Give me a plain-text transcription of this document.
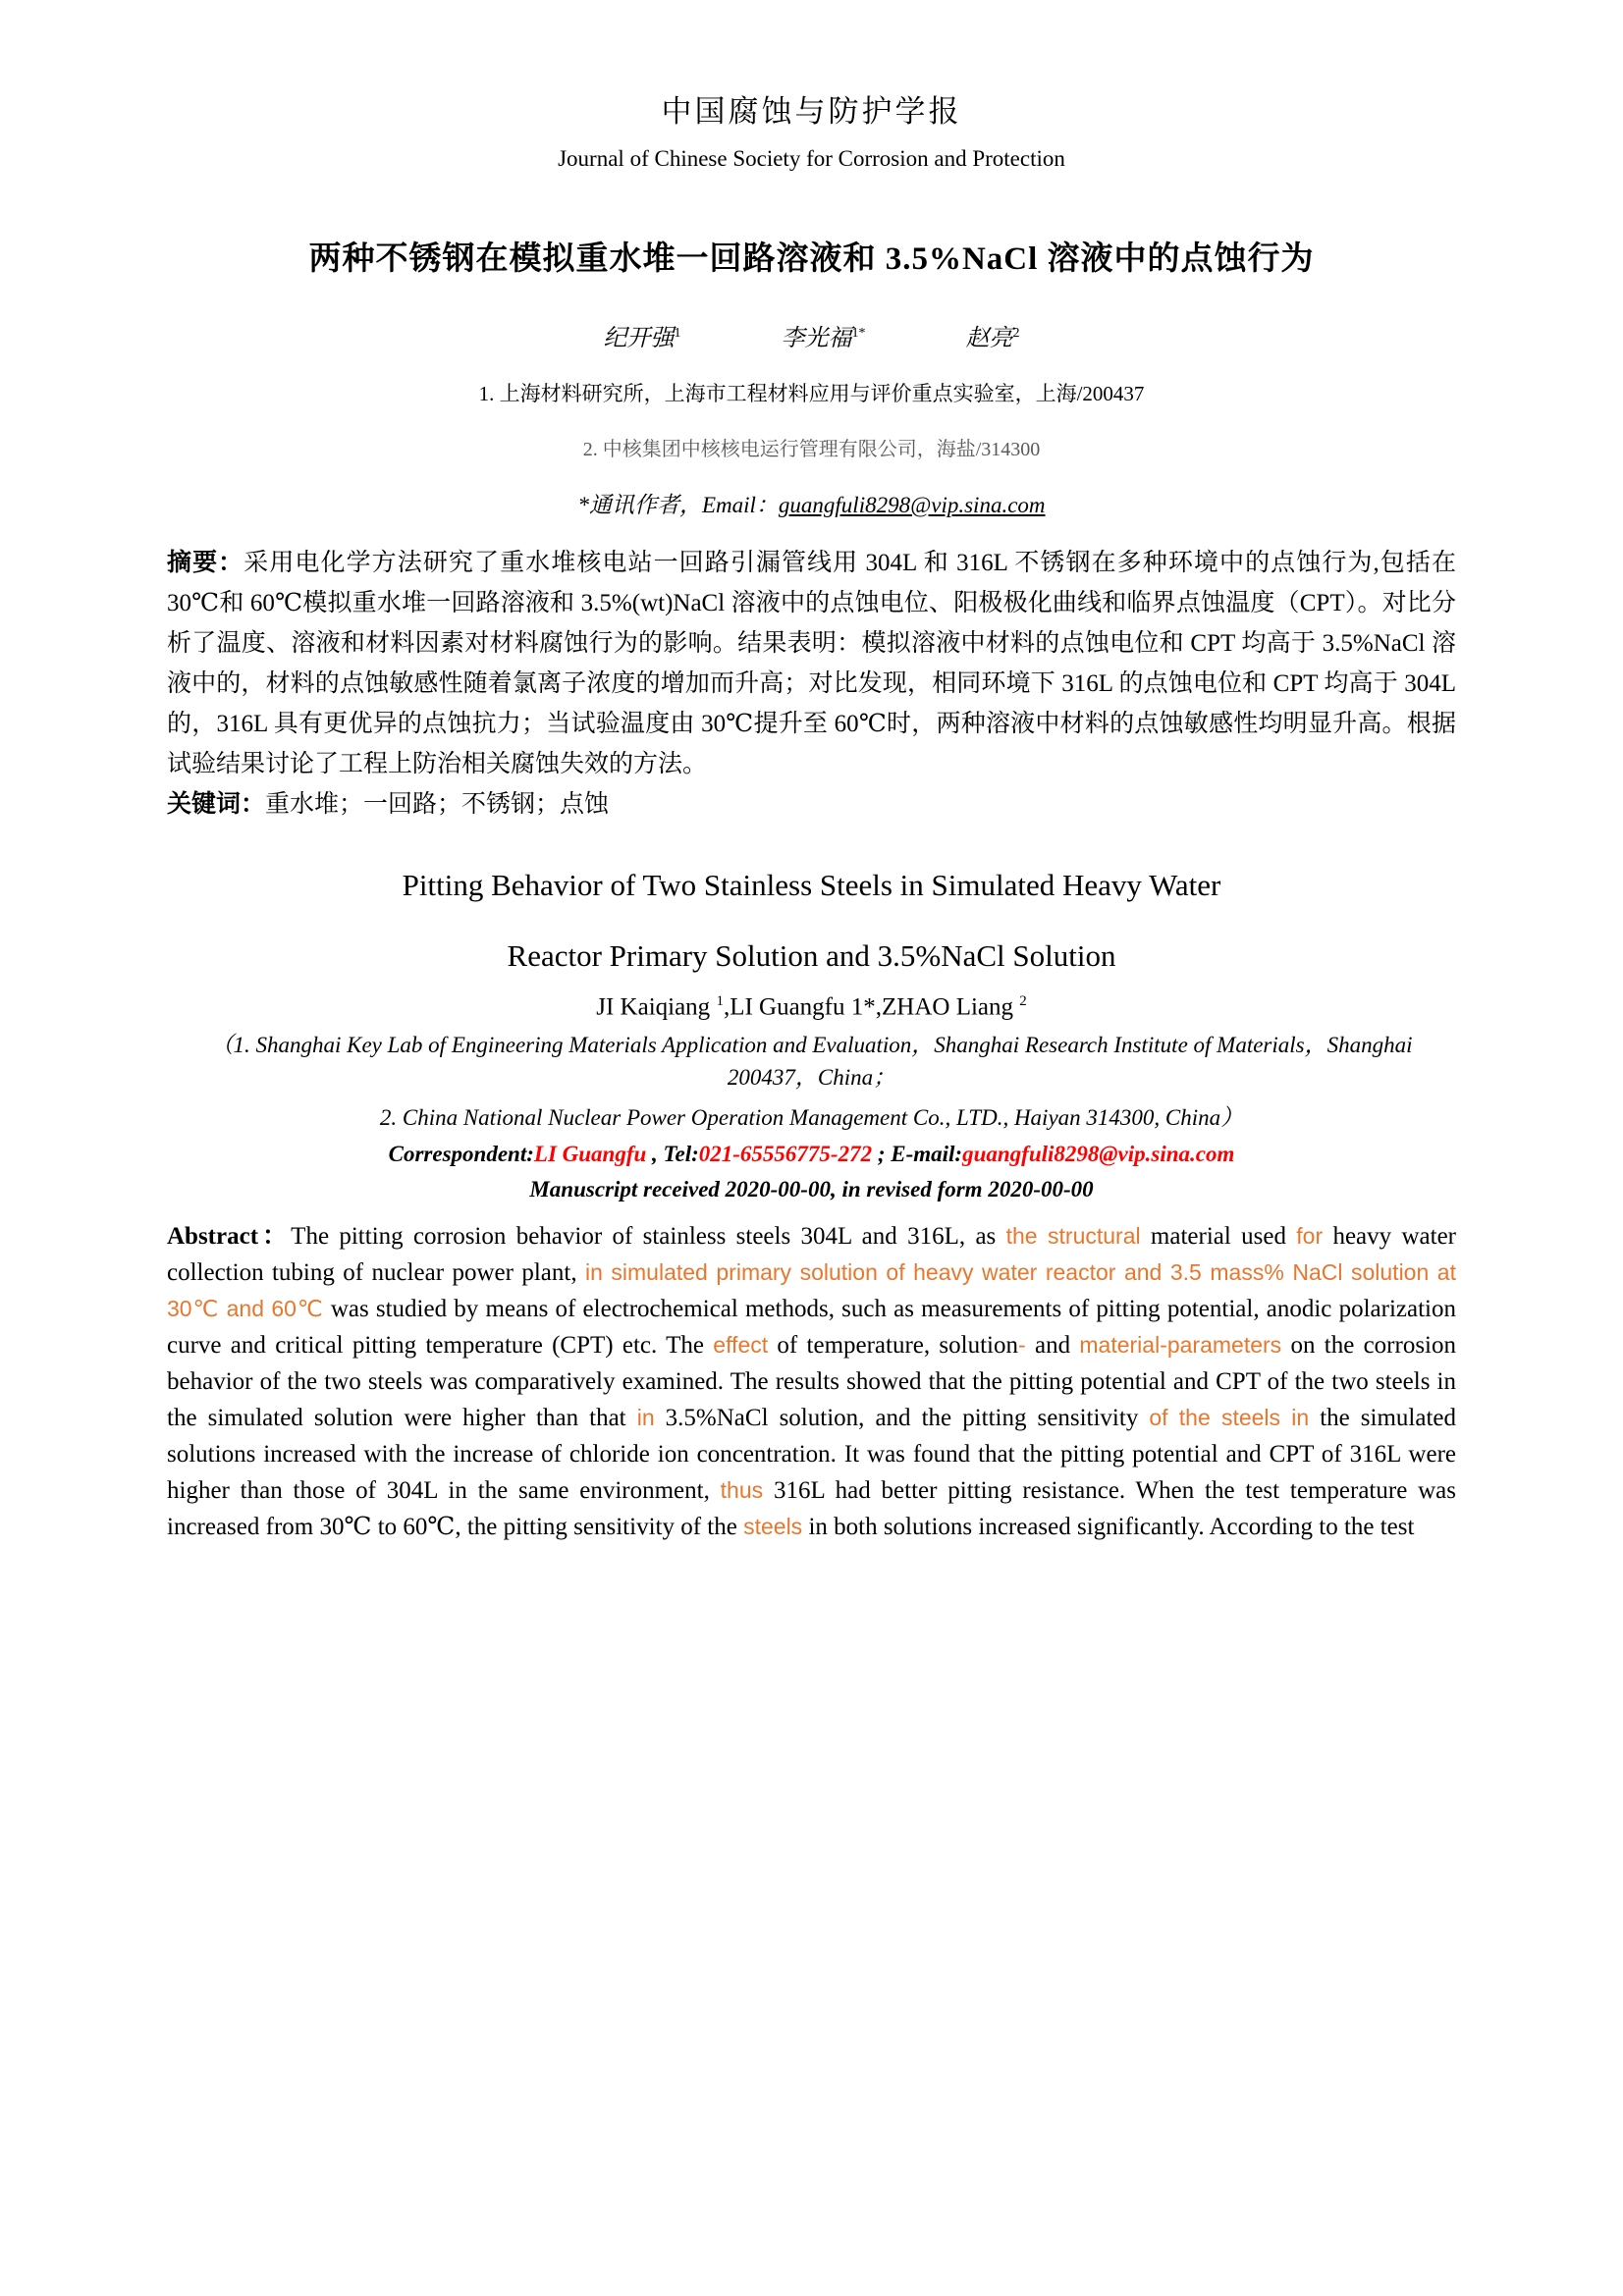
中国腐蚀与防护学报
Journal of Chinese Society for Corrosion and Protection
两种不锈钢在模拟重水堆一回路溶液和 3.5%NaCl 溶液中的点蚀行为
纪开强$^1$	李光福$^{1*}$	赵亮$^2$
1. 上海材料研究所，上海市工程材料应用与评价重点实验室，上海/200437
2. 中核集团中核核电运行管理有限公司，海盐/314300
*通讯作者，Email：guangfuli8298@vip.sina.com

摘要：采用电化学方法研究了重水堆核电站一回路引漏管线用 304L 和 316L 不锈钢在多种环境中的点蚀行为,包括在 30℃和 60℃模拟重水堆一回路溶液和 3.5%(wt)NaCl 溶液中的点蚀电位、阳极极化曲线和临界点蚀温度（CPT）。对比分析了温度、溶液和材料因素对材料腐蚀行为的影响。结果表明：模拟溶液中材料的点蚀电位和 CPT 均高于 3.5%NaCl 溶液中的，材料的点蚀敏感性随着氯离子浓度的增加而升高；对比发现，相同环境下 316L 的点蚀电位和 CPT 均高于 304L 的，316L 具有更优异的点蚀抗力；当试验温度由 30℃提升至 60℃时，两种溶液中材料的点蚀敏感性均明显升高。根据试验结果讨论了工程上防治相关腐蚀失效的方法。

关键词：重水堆；一回路；不锈钢；点蚀

Pitting Behavior of Two Stainless Steels in Simulated Heavy Water
Reactor Primary Solution and 3.5%NaCl Solution
JI Kaiqiang $^1$,LI Guangfu 1*,ZHAO Liang $^2$
（1. Shanghai Key Lab of Engineering Materials Application and Evaluation，Shanghai Research Institute of Materials，Shanghai 200437，China；
2. China National Nuclear Power Operation Management Co., LTD., Haiyan 314300, China）
Correspondent:LI Guangfu , Tel:021-65556775-272 ; E-mail:guangfuli8298@vip.sina.com
Manuscript received 2020-00-00, in revised form 2020-00-00

Abstract：The pitting corrosion behavior of stainless steels 304L and 316L, as the structural material used for heavy water collection tubing of nuclear power plant, in simulated primary solution of heavy water reactor and 3.5 mass% NaCl solution at 30℃ and 60℃ was studied by means of electrochemical methods, such as measurements of pitting potential, anodic polarization curve and critical pitting temperature (CPT) etc. The effect of temperature, solution- and material-parameters on the corrosion behavior of the two steels was comparatively examined. The results showed that the pitting potential and CPT of the two steels in the simulated solution were higher than that in 3.5%NaCl solution, and the pitting sensitivity of the steels in the simulated solutions increased with the increase of chloride ion concentration. It was found that the pitting potential and CPT of 316L were higher than those of 304L in the same environment, thus 316L had better pitting resistance. When the test temperature was increased from 30℃ to 60℃, the pitting sensitivity of the steels in both solutions increased significantly. According to the test
